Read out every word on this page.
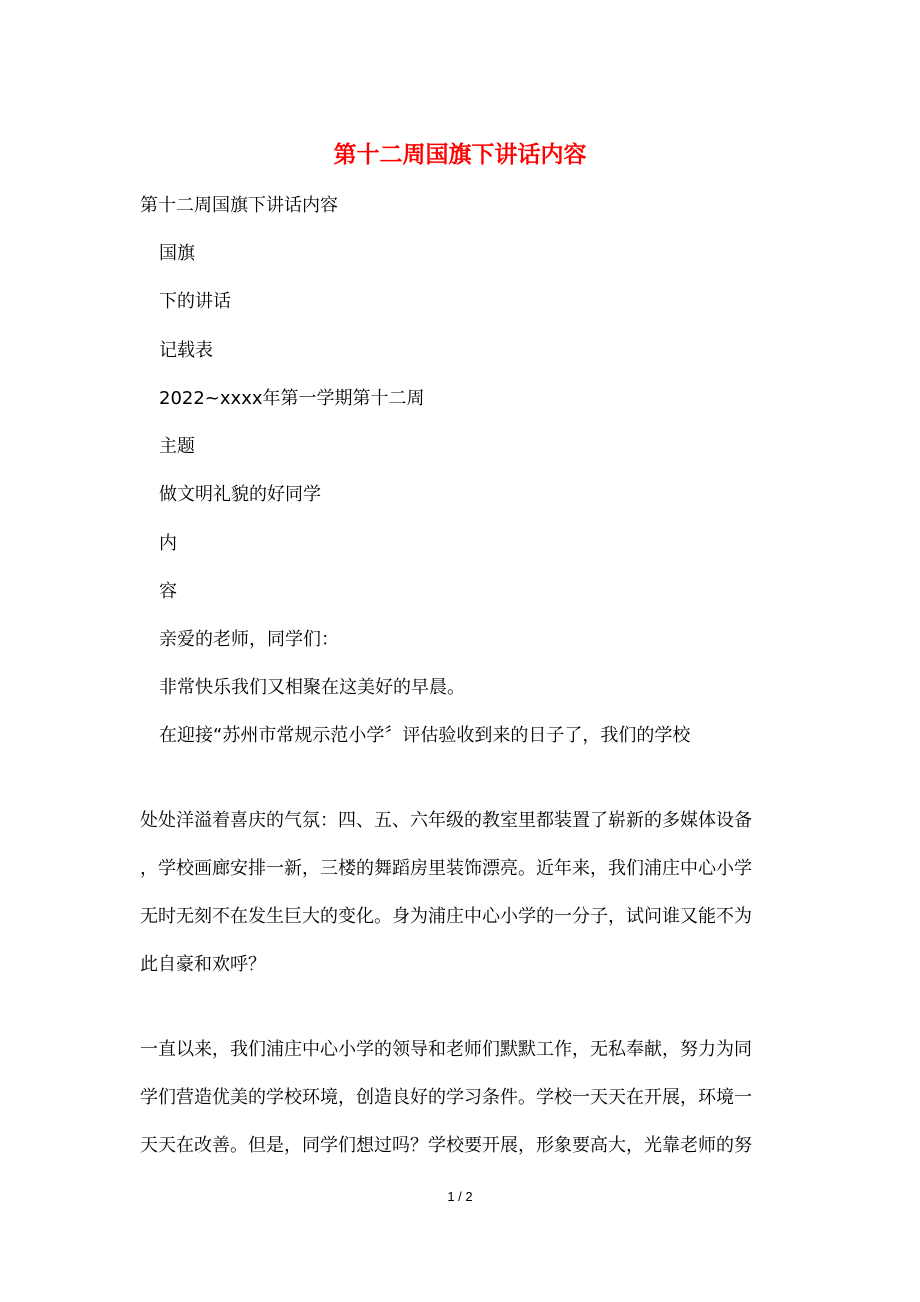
第十二周国旗下讲话内容
第十二周国旗下讲话内容
国旗
下的讲话
记载表
2022~xxxx年第一学期第十二周
主题
做文明礼貌的好同学
内
容
亲爱的老师，同学们：
非常快乐我们又相聚在这美好的早晨。
在迎接“苏州市常规示范小学〞评估验收到来的日子了，我们的学校
处处洋溢着喜庆的气氛：四、五、六年级的教室里都装置了崭新的多媒体设备
，学校画廊安排一新，三楼的舞蹈房里装饰漂亮。近年来，我们浦庄中心小学
无时无刻不在发生巨大的变化。身为浦庄中心小学的一分子，试问谁又能不为
此自豪和欢呼？
一直以来，我们浦庄中心小学的领导和老师们默默工作，无私奉献，努力为同
学们营造优美的学校环境，创造良好的学习条件。学校一天天在开展，环境一
天天在改善。但是，同学们想过吗？学校要开展，形象要高大，光靠老师的努
1 / 2
